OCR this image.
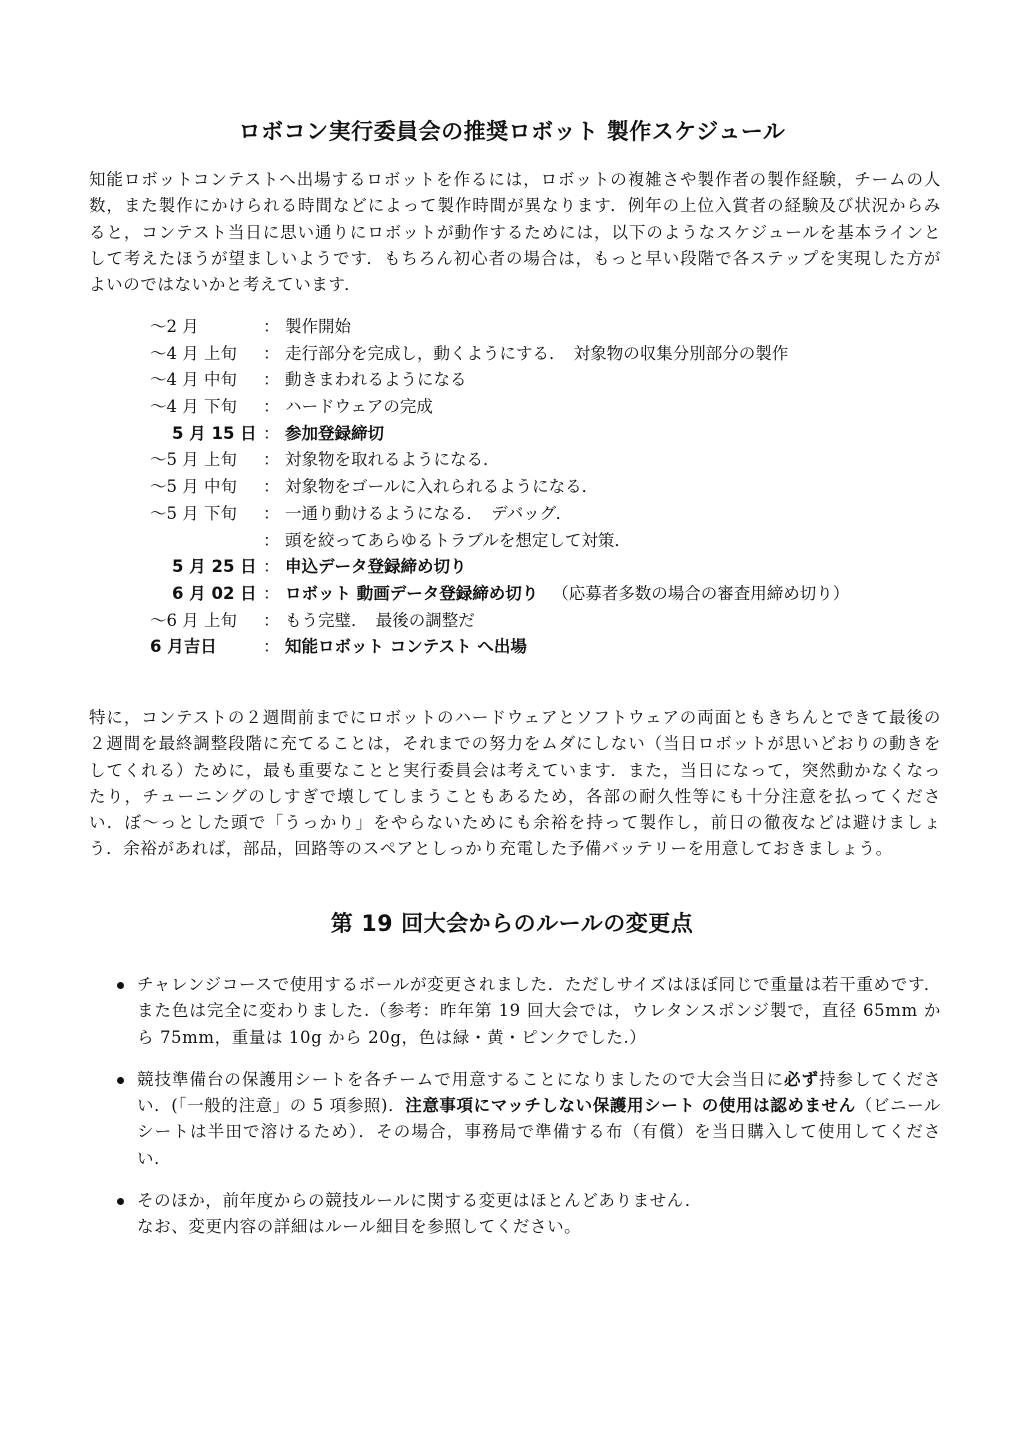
ロボコン実行委員会の推奨ロボット 製作スケジュール

知能ロボットコンテストへ出場するロボットを作るには，ロボットの複雑さや製作者の製作経験，チームの人数，また製作にかけられる時間などによって製作時間が異なります．例年の上位入賞者の経験及び状況からみると，コンテスト当日に思い通りにロボットが動作するためには，以下のようなスケジュールを基本ラインとして考えたほうが望ましいようです．もちろん初心者の場合は，もっと早い段階で各ステップを実現した方がよいのではないかと考えています．

～2 月	： 製作開始
～4 月 上旬	： 走行部分を完成し，動くようにする．　対象物の収集分別部分の製作
～4 月 中旬	： 動きまわれるようになる
～4 月 下旬	： ハードウェアの完成
5 月 15 日 ： 参加登録締切
～5 月 上旬	： 対象物を取れるようになる．
～5 月 中旬	： 対象物をゴールに入れられるようになる．
～5 月 下旬	： 一通り動けるようになる．　デバッグ．
： 頭を絞ってあらゆるトラブルを想定して対策．
5 月 25 日 ： 申込データ登録締め切り
6 月 02 日 ： ロボット 動画データ登録締め切り （応募者多数の場合の審査用締め切り）
～6 月 上旬	： もう完璧．　最後の調整だ
6 月吉日	： 知能ロボット コンテスト へ出場

特に，コンテストの２週間前までにロボットのハードウェアとソフトウェアの両面ともきちんとできて最後の２週間を最終調整段階に充てることは，それまでの努力をムダにしない（当日ロボットが思いどおりの動きをしてくれる）ために，最も重要なことと実行委員会は考えています．また，当日になって，突然動かなくなったり，チューニングのしすぎで壊してしまうこともあるため，各部の耐久性等にも十分注意を払ってください．ぼ～っとした頭で「うっかり」をやらないためにも余裕を持って製作し，前日の徹夜などは避けましょう．余裕があれば，部品，回路等のスペアとしっかり充電した予備バッテリーを用意しておきましょう。

第 19 回大会からのルールの変更点
チャレンジコースで使用するボールが変更されました．ただしサイズはほぼ同じで重量は若干重めです．また色は完全に変わりました.（参考：昨年第 19 回大会では，ウレタンスポンジ製で，直径 65mm から 75mm，重量は 10g から 20g，色は緑・黄・ピンクでした.）
競技準備台の保護用シートを各チームで用意することになりましたので大会当日に必ず持参してください．(「一般的注意」の 5 項参照)．注意事項にマッチしない保護用シート の使用は認めません（ビニールシートは半田で溶けるため）．その場合，事務局で準備する布（有償）を当日購入して使用してください．
そのほか，前年度からの競技ルールに関する変更はほとんどありません．
なお、変更内容の詳細はルール細目を参照してください。
